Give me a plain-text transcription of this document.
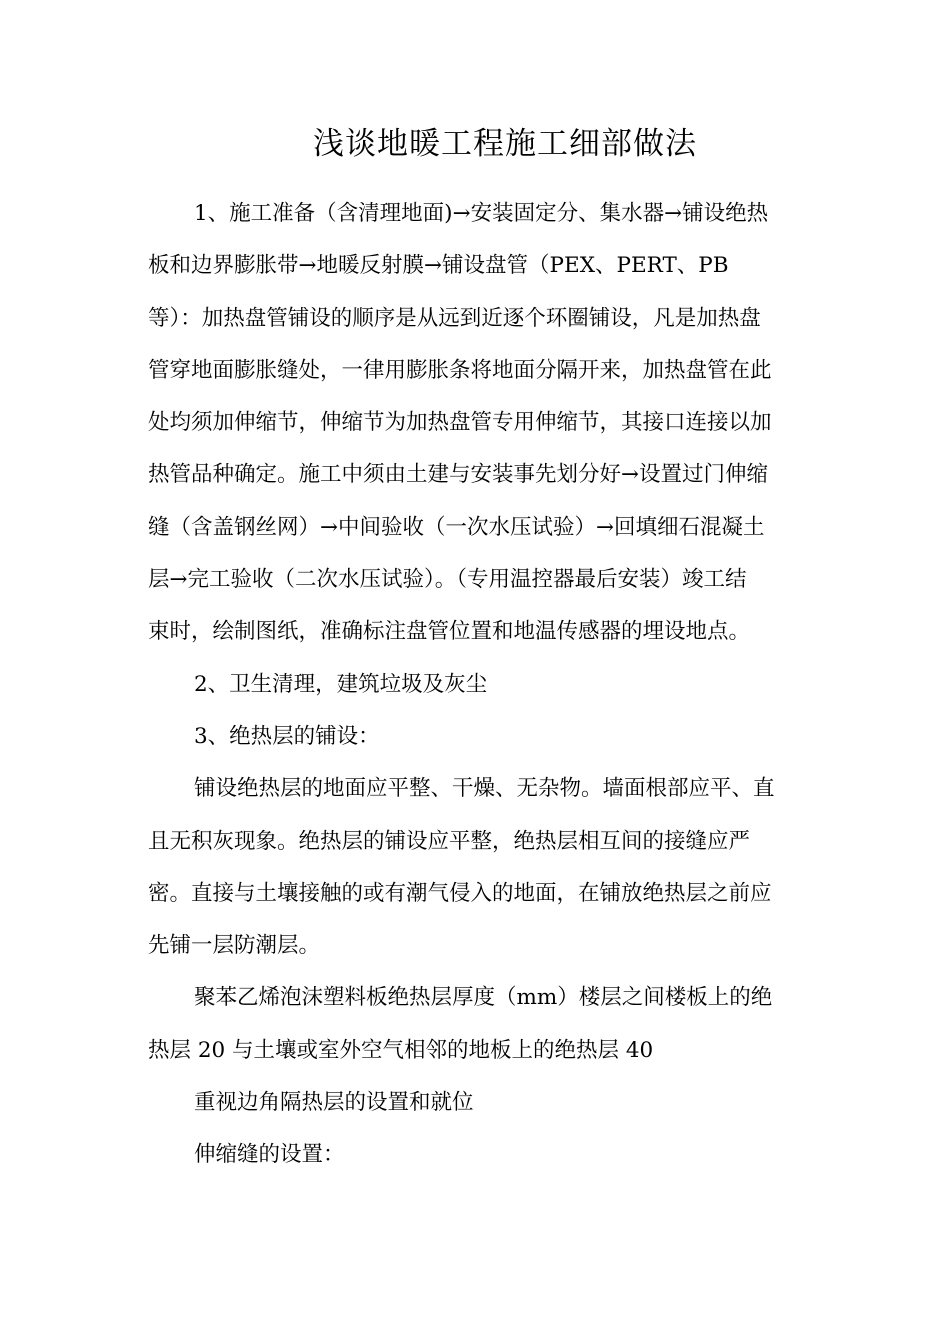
浅谈地暖工程施工细部做法
1、施工准备（含清理地面)→安装固定分、集水器→铺设绝热
板和边界膨胀带→地暖反射膜→铺设盘管（PEX、PERT、PB
等）：加热盘管铺设的顺序是从远到近逐个环圈铺设，凡是加热盘
管穿地面膨胀缝处，一律用膨胀条将地面分隔开来，加热盘管在此
处均须加伸缩节，伸缩节为加热盘管专用伸缩节，其接口连接以加
热管品种确定。施工中须由土建与安装事先划分好→设置过门伸缩
缝（含盖钢丝网）→中间验收（一次水压试验）→回填细石混凝土
层→完工验收（二次水压试验）。（专用温控器最后安装）竣工结
束时，绘制图纸，准确标注盘管位置和地温传感器的埋设地点。
2、卫生清理，建筑垃圾及灰尘
3、绝热层的铺设：
铺设绝热层的地面应平整、干燥、无杂物。墙面根部应平、直
且无积灰现象。绝热层的铺设应平整，绝热层相互间的接缝应严
密。直接与土壤接触的或有潮气侵入的地面，在铺放绝热层之前应
先铺一层防潮层。
聚苯乙烯泡沫塑料板绝热层厚度（mm）楼层之间楼板上的绝
热层 20 与土壤或室外空气相邻的地板上的绝热层 40
重视边角隔热层的设置和就位
伸缩缝的设置：
